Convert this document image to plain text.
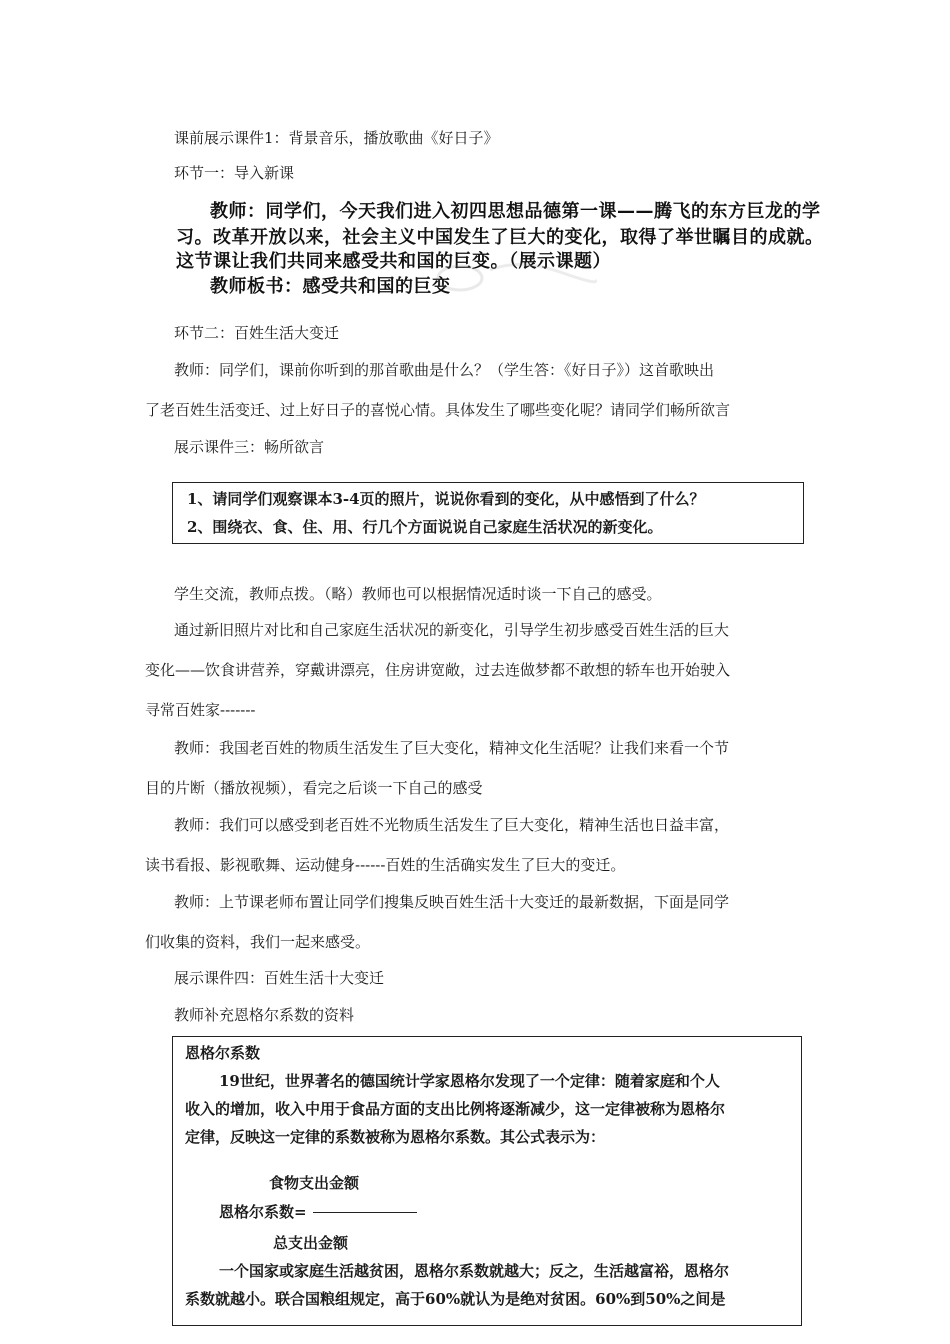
课前展示课件1：背景音乐，播放歌曲《好日子》
环节一：导入新课
教师：同学们，今天我们进入初四思想品德第一课——腾飞的东方巨龙的学
习。改革开放以来，社会主义中国发生了巨大的变化，取得了举世瞩目的成就。
这节课让我们共同来感受共和国的巨变。（展示课题）
教师板书：感受共和国的巨变
环节二：百姓生活大变迁
教师：同学们，课前你听到的那首歌曲是什么？（学生答：《好日子》）这首歌映出
了老百姓生活变迁、过上好日子的喜悦心情。具体发生了哪些变化呢？请同学们畅所欲言
展示课件三：畅所欲言
1、请同学们观察课本3-4页的照片，说说你看到的变化，从中感悟到了什么？
2、围绕衣、食、住、用、行几个方面说说自己家庭生活状况的新变化。
学生交流，教师点拨。（略）教师也可以根据情况适时谈一下自己的感受。
通过新旧照片对比和自己家庭生活状况的新变化，引导学生初步感受百姓生活的巨大
变化——饮食讲营养，穿戴讲漂亮，住房讲宽敞，过去连做梦都不敢想的轿车也开始驶入
寻常百姓家-------
教师：我国老百姓的物质生活发生了巨大变化，精神文化生活呢？让我们来看一个节
目的片断（播放视频），看完之后谈一下自己的感受
教师：我们可以感受到老百姓不光物质生活发生了巨大变化，精神生活也日益丰富，
读书看报、影视歌舞、运动健身------百姓的生活确实发生了巨大的变迁。
教师：上节课老师布置让同学们搜集反映百姓生活十大变迁的最新数据，下面是同学
们收集的资料，我们一起来感受。
展示课件四：百姓生活十大变迁
教师补充恩格尔系数的资料
恩格尔系数
19世纪，世界著名的德国统计学家恩格尔发现了一个定律：随着家庭和个人
收入的增加，收入中用于食品方面的支出比例将逐渐减少，这一定律被称为恩格尔
定律，反映这一定律的系数被称为恩格尔系数。其公式表示为：
食物支出金额
恩格尔系数=
总支出金额
一个国家或家庭生活越贫困，恩格尔系数就越大；反之，生活越富裕，恩格尔
系数就越小。联合国粮组规定，高于60%就认为是绝对贫困。60%到50%之间是
